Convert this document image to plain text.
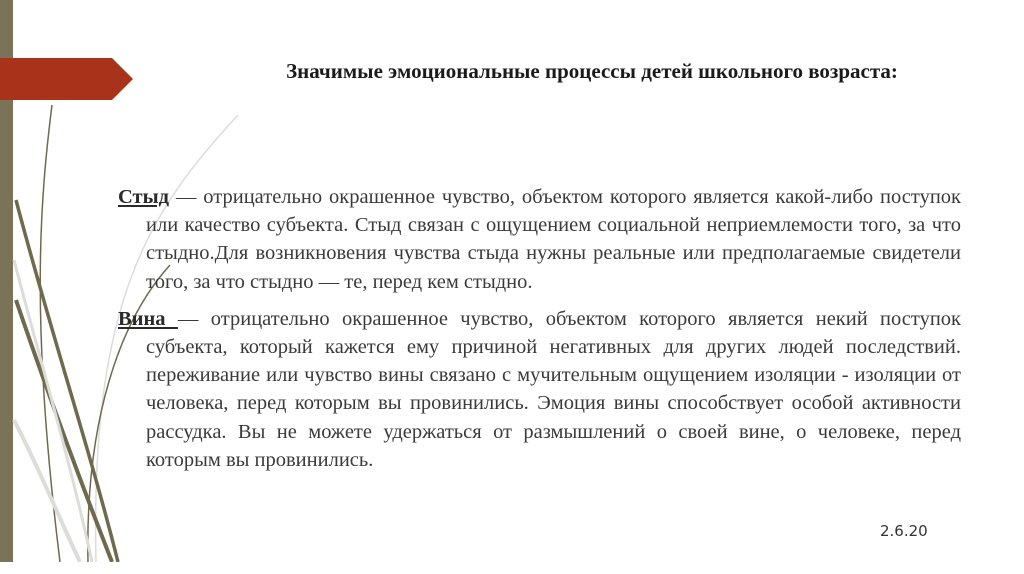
Значимые эмоциональные процессы детей школьного возраста:

Стыд — отрицательно окрашенное чувство, объектом которого является какой-либо поступок или качество субъекта. Стыд связан с ощущением социальной неприемлемости того, за что стыдно.Для возникновения чувства стыда нужны реальные или предполагаемые свидетели того, за что стыдно — те, перед кем стыдно.

Вина — отрицательно окрашенное чувство, объектом которого является некий поступок субъекта, который кажется ему причиной негативных для других людей последствий. переживание или чувство вины связано с мучительным ощущением изоляции - изоляции от человека, перед которым вы провинились. Эмоция вины способствует особой активности рассудка. Вы не можете удержаться от размышлений о своей вине, о человеке, перед которым вы провинились.

2.6.20
